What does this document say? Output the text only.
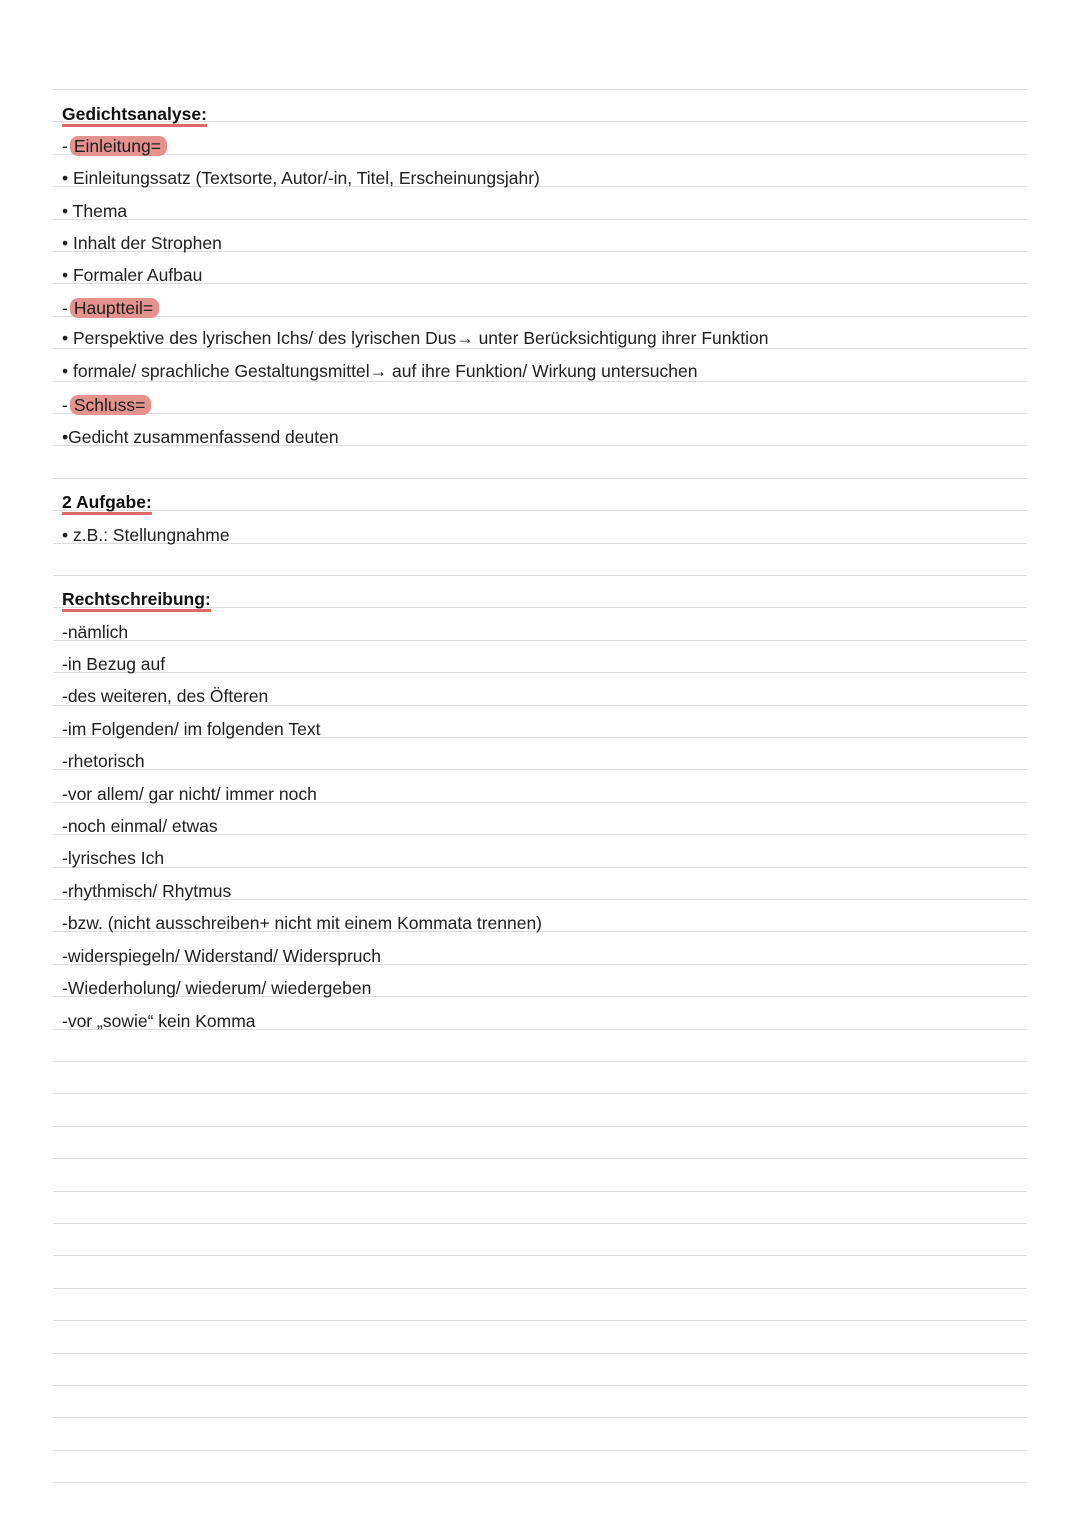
Gedichtsanalyse:
- Einleitung=
• Einleitungssatz (Textsorte, Autor/-in, Titel, Erscheinungsjahr)
• Thema
• Inhalt der Strophen
• Formaler Aufbau
- Hauptteil=
• Perspektive des lyrischen Ichs/ des lyrischen Dus→ unter Berücksichtigung ihrer Funktion
• formale/ sprachliche Gestaltungsmittel→ auf ihre Funktion/ Wirkung untersuchen
- Schluss=
•Gedicht zusammenfassend deuten
2 Aufgabe:
• z.B.: Stellungnahme
Rechtschreibung:
-nämlich
-in Bezug auf
-des weiteren, des Öfteren
-im Folgenden/ im folgenden Text
-rhetorisch
-vor allem/ gar nicht/ immer noch
-noch einmal/ etwas
-lyrisches Ich
-rhythmisch/ Rhytmus
-bzw. (nicht ausschreiben+ nicht mit einem Kommata trennen)
-widerspiegeln/ Widerstand/ Widerspruch
-Wiederholung/ wiederum/ wiedergeben
-vor „sowie“ kein Komma
